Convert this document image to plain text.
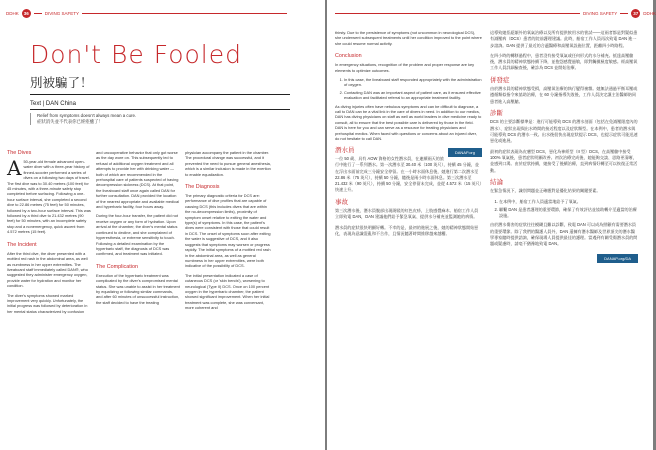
DDHK	36	DIVING SAFETY
Don't Be Fooled
別被騙了！
Text | DAN China
Relief from symptoms doesn't always mean a cure.
症狀消失並不代表你已經痊癒了！
The Dives

A 50-year-old female advanced open-water diver with a three-year history of finned-scooter performed a series of dives on a following two days of travel. The first dive was to 30.40 metres (100 feet) for 45 minutes, with a three-minute safety stop completed before surfacing. Following a one-hour surface interval, she completed a second dive to 22.86 metres (75 feet) for 50 minutes, followed by a two-hour surface interval. This was followed by a third dive to 21.432 metres (90 feet) for 50 minutes, with an incomplete safety stop and a nonemergency, quick ascent from 4.572 metres (15 feet).

The Incident

After the third dive, the diver presented with a mottled red rash in the abdominal area, as well as numbness in her upper extremities. The liveaboard staff immediately called DAN®, who suggested they administer emergency oxygen, provide water for hydration and monitor her condition.

The diver's symptoms showed marked improvement very quickly. Unfortunately, the initial progress was followed by deterioration in her mental status characterized by confusion

and uncooperative behavior that only got worse as the day wore on. This subsequently led to refusal of additional oxygen treatment and all attempts to provide her with drinking water — both of which are recommended in the prehospital care of patients suspected of having decompression sickness (DCS). At that point, the liveaboard staff once again called DAN for further consultation. DAN provided the location of the nearest appropriate and available medical and hyperbaric facility, four hours away.

During the four-hour transfer, the patient did not receive oxygen or any form of hydration. Upon arrival at the chamber, the diver's mental status continued to decline, and she complained of hyperesthesia, or extreme sensitivity to touch. Following a detailed examination by the hyperbaric staff, the diagnosis of DCS was confirmed, and treatment was initiated.

The Complication

Execution of the hyperbaric treatment was complicated by the diver's compromised mental status. She was unable to assist in her treatment by equalizing or following similar commands, and after 60 minutes of unsuccessful instruction, the staff decided to have the treating

physician accompany the patient in the chamber. The procedural change was successful, and it prevented the need to pursue general anesthesia, which is a similar inclusion is made in the exertion to enable equalization.

The Diagnosis

The primary diagnostic criteria for DCS are: performance of dive profiles that are capable of causing DCS (this includes dives that are within the no-decompression limits), proximity of symptom onset relative to exiting the water and type(s) of symptoms. In this case, the patient's dives were consistent with those that could result in DCS. The onset of symptoms soon after exiting the water is suggestive of DCS, and it also suggests that symptoms may worsen or progress rapidly. The initial symptoms of a mottled red rash in the abdominal area, as well as general numbness in her upper extremities, were both indicative of the possibility of DCS.

The initial presentation indicated a case of cutaneous DCS (or 'skin bends'), worsening to neurological (Type II) DCS. Once on 100 percent oxygen in the hyperbaric chamber, the patient showed significant improvement. When her initial treatment was complete, she was conversant, more coherent and

DIVING SAFETY	37	DDHK

thirsty. Due to the persistence of symptoms (not uncommon in neurological DCS), she underwent subsequent treatments until her condition improved to the point where she could resume normal activity.

Conclusion

In emergency situations, recognition of the problem and proper response are key elements to optimize outcomes.

1. In this case, the liveaboard staff responded appropriately with the administration of oxygen.
2. Contacting DAN was an important aspect of patient care, as it ensured effective evaluation and facilitated referral to an appropriate treatment facility.

As diving injuries often have nebulous symptoms and can be difficult to diagnose, a call to DAN can be a vital link in the care of divers in need. In addition to our medics, DAN has diving physicians on staff as well as world leaders in dive medicine ready to consult, all to ensure that the best possible care is delivered by those in the field. DAN is here for you and can serve as a resource for treating physicians and prehospital medics. When faced with questions or concerns about an injured diver, do not hesitate to call DAN.

DANAP.org
潛水員

一位 50 歲、具有 AOW 資格的女性潛水員，在連續兩天的旅行中進行了一系列潛水。第一次潛水至 30.40 米（100 英尺），持續 45 分鐘，並在浮出水面前完成三分鐘安全停留。在一小時水面休息後，她進行第二次潛水至 22.86 米（75 英尺），持續 50 分鐘，隨後是兩小時水面休息。第三次潛水至 21.432 米（90 英尺），持續 50 分鐘，安全停留未完成，並從 4.572 米（15 英尺）快速上升。

事故

第三次潛水後，潛水員腹部出現斑駁的紅色皮疹，上肢感覺麻木。船宿工作人員立即致電 DAN，DAN 建議他們給予緊急氧氣、提供水分補充並監測她的病情。

潛水員的症狀很快明顯好轉。不幸的是，最初的進展之後，她的精神狀態開始惡化，表現為意識混亂和不合作，且情況隨著時間推移越來越糟。

這導致她拒絕額外的氧氣治療以及所有提供飲用水的嘗試——這兩者都是對疑似患有減壓病（DCS）患者的院前護理建議。此時，船宿工作人員再次致電 DAN 進一步諮詢。DAN 提供了最近的合適醫療和高壓氧設施位置，距離四小時路程。

在四小時的轉移過程中，患者沒有接受氧氣或任何形式的水分補充。抵達高壓艙後，潛水員的精神狀態持續下降，並抱怨感覺過敏，即對觸摸極度敏感。經高壓氧工作人員詳細檢查後，確診為 DCS 並開始治療。

併發症

由於潛水員的精神狀態受損，高壓氧治療的執行變得複雜。她無法通過平衡耳壓或遵循類似指令來協助治療，在 60 分鐘指導失敗後，工作人員決定讓主治醫師陪同患者進入高壓艙。

診斷

DCS 的主要診斷標準是：進行可能導致 DCS 的潛水剖面（包括在免減壓限度內的潛水）、症狀出現與出水時間的接近程度以及症狀類型。在本例中，患者的潛水與可能導致 DCS 的潛水一致。出水後很快出現症狀提示 DCS，也提示症狀可能迅速惡化或進展。

最初的症狀表現為皮膚型 DCS，惡化為神經型（II 型）DCS。在高壓艙中接受 100% 氧氣後，患者症狀明顯改善。初次治療完成後，她能夠交談、思路更清晰，並感到口渴。由於症狀持續，她接受了後續治療，直到病情好轉至可以恢復正常活動。

結論

在緊急情況下，識別問題並正確應對是優化結果的關鍵要素。

1. 在本例中，船宿工作人員適當地給予了氧氣。
2. 聯繫 DAN 是患者護理的重要環節，確保了有效評估並協助轉介至適當的治療設施。

由於潛水傷害的症狀往往模糊且難以診斷，致電 DAN 可以成為照顧有需要潛水員的重要環節。除了我們的醫護人員外，DAN 還擁有潛水醫師及世界頂尖的潛水醫學專家隨時提供諮詢，確保現場人員提供最佳的護理。當遇到有關受傷潛水員的問題或疑慮時，請毫不猶豫地致電 DAN。

DANAP.org/DA
